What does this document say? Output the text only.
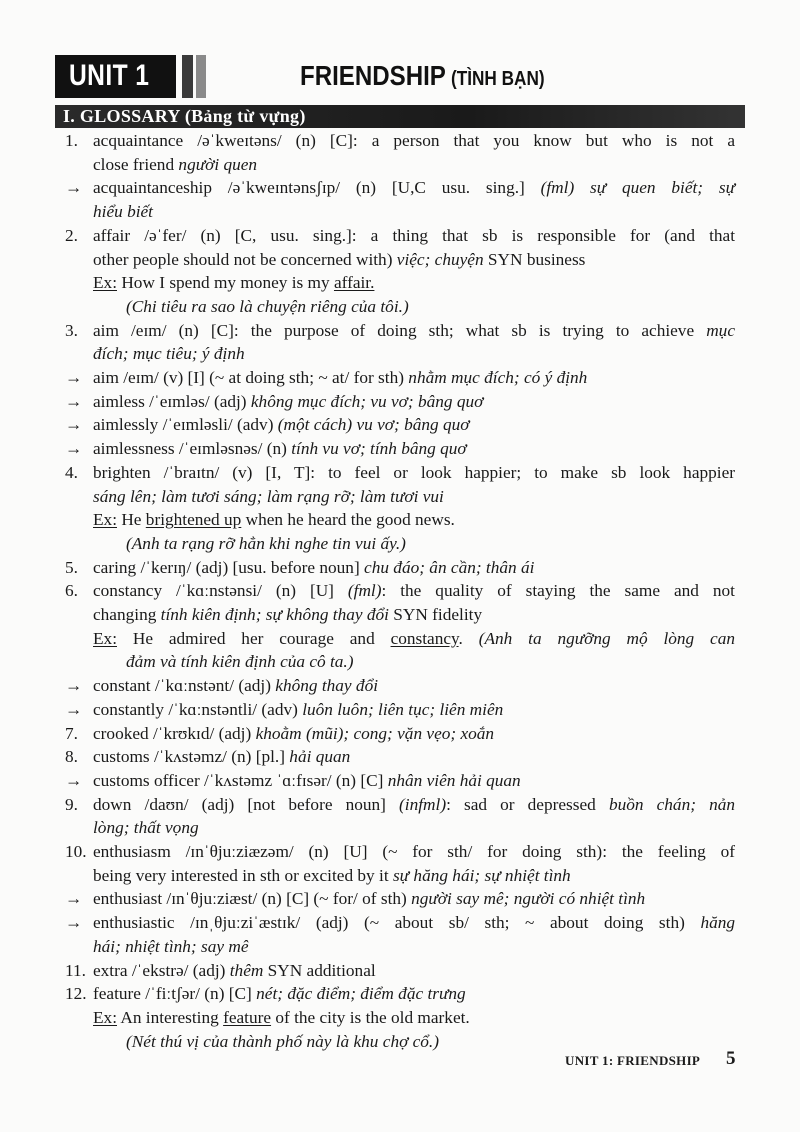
UNIT 1	FRIENDSHIP (TÌNH BẠN)
I. GLOSSARY (Bảng từ vựng)
1. acquaintance /əˈkweɪtəns/ (n) [C]: a person that you know but who is not a
close friend người quen
→ acquaintanceship /əˈkweɪntənsʃɪp/ (n) [U,C usu. sing.] (fml) sự quen biết; sự
hiểu biết
2. affair /əˈfer/ (n) [C, usu. sing.]: a thing that sb is responsible for (and that
other people should not be concerned with) việc; chuyện SYN business
Ex: How I spend my money is my affair.
(Chi tiêu ra sao là chuyện riêng của tôi.)
3. aim /eɪm/ (n) [C]: the purpose of doing sth; what sb is trying to achieve mục
đích; mục tiêu; ý định
→ aim /eɪm/ (v) [I] (~ at doing sth; ~ at/ for sth) nhằm mục đích; có ý định
→ aimless /ˈeɪmləs/ (adj) không mục đích; vu vơ; bâng quơ
→ aimlessly /ˈeɪmləsli/ (adv) (một cách) vu vơ; bâng quơ
→ aimlessness /ˈeɪmləsnəs/ (n) tính vu vơ; tính bâng quơ
4. brighten /ˈbraɪtn/ (v) [I, T]: to feel or look happier; to make sb look happier
sáng lên; làm tươi sáng; làm rạng rỡ; làm tươi vui
Ex: He brightened up when he heard the good news.
(Anh ta rạng rỡ hẳn khi nghe tin vui ấy.)
5. caring /ˈkerɪŋ/ (adj) [usu. before noun] chu đáo; ân cần; thân ái
6. constancy /ˈkɑːnstənsi/ (n) [U] (fml): the quality of staying the same and not
changing tính kiên định; sự không thay đổi SYN fidelity
Ex: He admired her courage and constancy. (Anh ta ngưỡng mộ lòng can
đảm và tính kiên định của cô ta.)
→ constant /ˈkɑːnstənt/ (adj) không thay đổi
→ constantly /ˈkɑːnstəntli/ (adv) luôn luôn; liên tục; liên miên
7. crooked /ˈkrʊkɪd/ (adj) khoằm (mũi); cong; vặn vẹo; xoắn
8. customs /ˈkʌstəmz/ (n) [pl.] hải quan
→ customs officer /ˈkʌstəmz ˈɑːfɪsər/ (n) [C] nhân viên hải quan
9. down /daʊn/ (adj) [not before noun] (infml): sad or depressed buồn chán; nản
lòng; thất vọng
10. enthusiasm /ɪnˈθjuːziæzəm/ (n) [U] (~ for sth/ for doing sth): the feeling of
being very interested in sth or excited by it sự hăng hái; sự nhiệt tình
→ enthusiast /ɪnˈθjuːziæst/ (n) [C] (~ for/ of sth) người say mê; người có nhiệt tình
→ enthusiastic /ɪnˌθjuːziˈæstɪk/ (adj) (~ about sb/ sth; ~ about doing sth) hăng
hái; nhiệt tình; say mê
11. extra /ˈekstrə/ (adj) thêm SYN additional
12. feature /ˈfiːtʃər/ (n) [C] nét; đặc điểm; điểm đặc trưng
Ex: An interesting feature of the city is the old market.
(Nét thú vị của thành phố này là khu chợ cổ.)
UNIT 1: FRIENDSHIP 5
